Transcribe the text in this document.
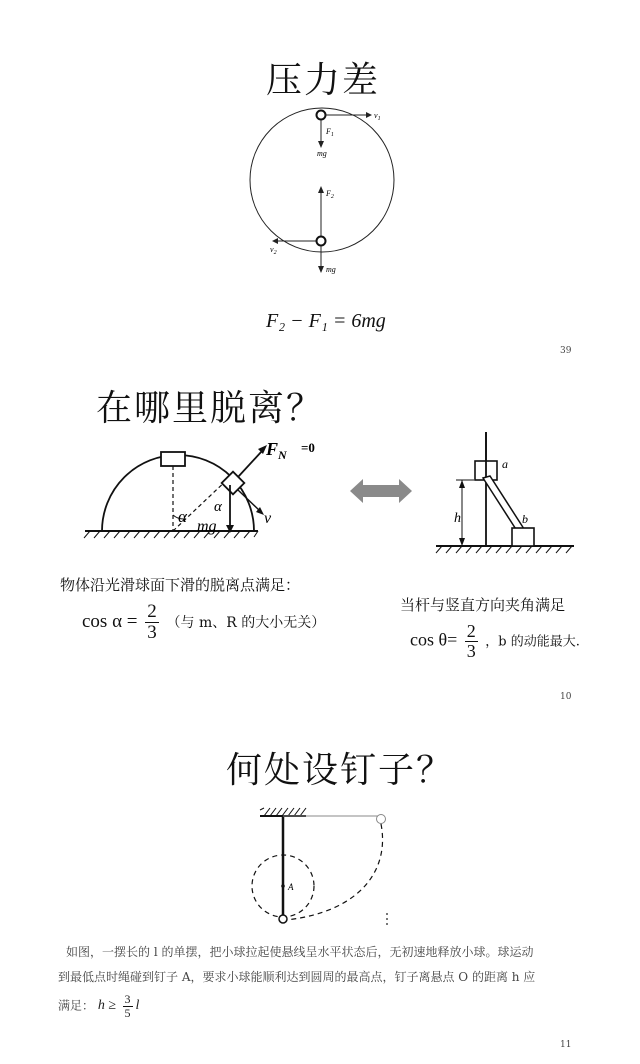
压力差
$v_1$
$F_1$
mg
$F_2$
$v_2$
mg
F₂ − F₁ = 6mg
39
在哪里脱离？
$F_N =0$
α α
mg	v	h
a
b
物体沿光滑球面下滑的脱离点满足：
$\cos \alpha = \frac{2}{3}$ （与 m、R 的大小无关）
当杆与竖直方向夹角满足
$\cos \theta= \frac{2}{3}$ ，b 的动能最大.
10
何处设钉子？
A
如图，一摆长的 l 的单摆，把小球拉起使悬线呈水平状态后，无初速地释放小球。球运动
到最低点时绳碰到钉子 A，要求小球能顺利达到圆周的最高点，钉子离悬点 O 的距离 h 应
满足： $h \ge \frac{3}{5}$ l
11
